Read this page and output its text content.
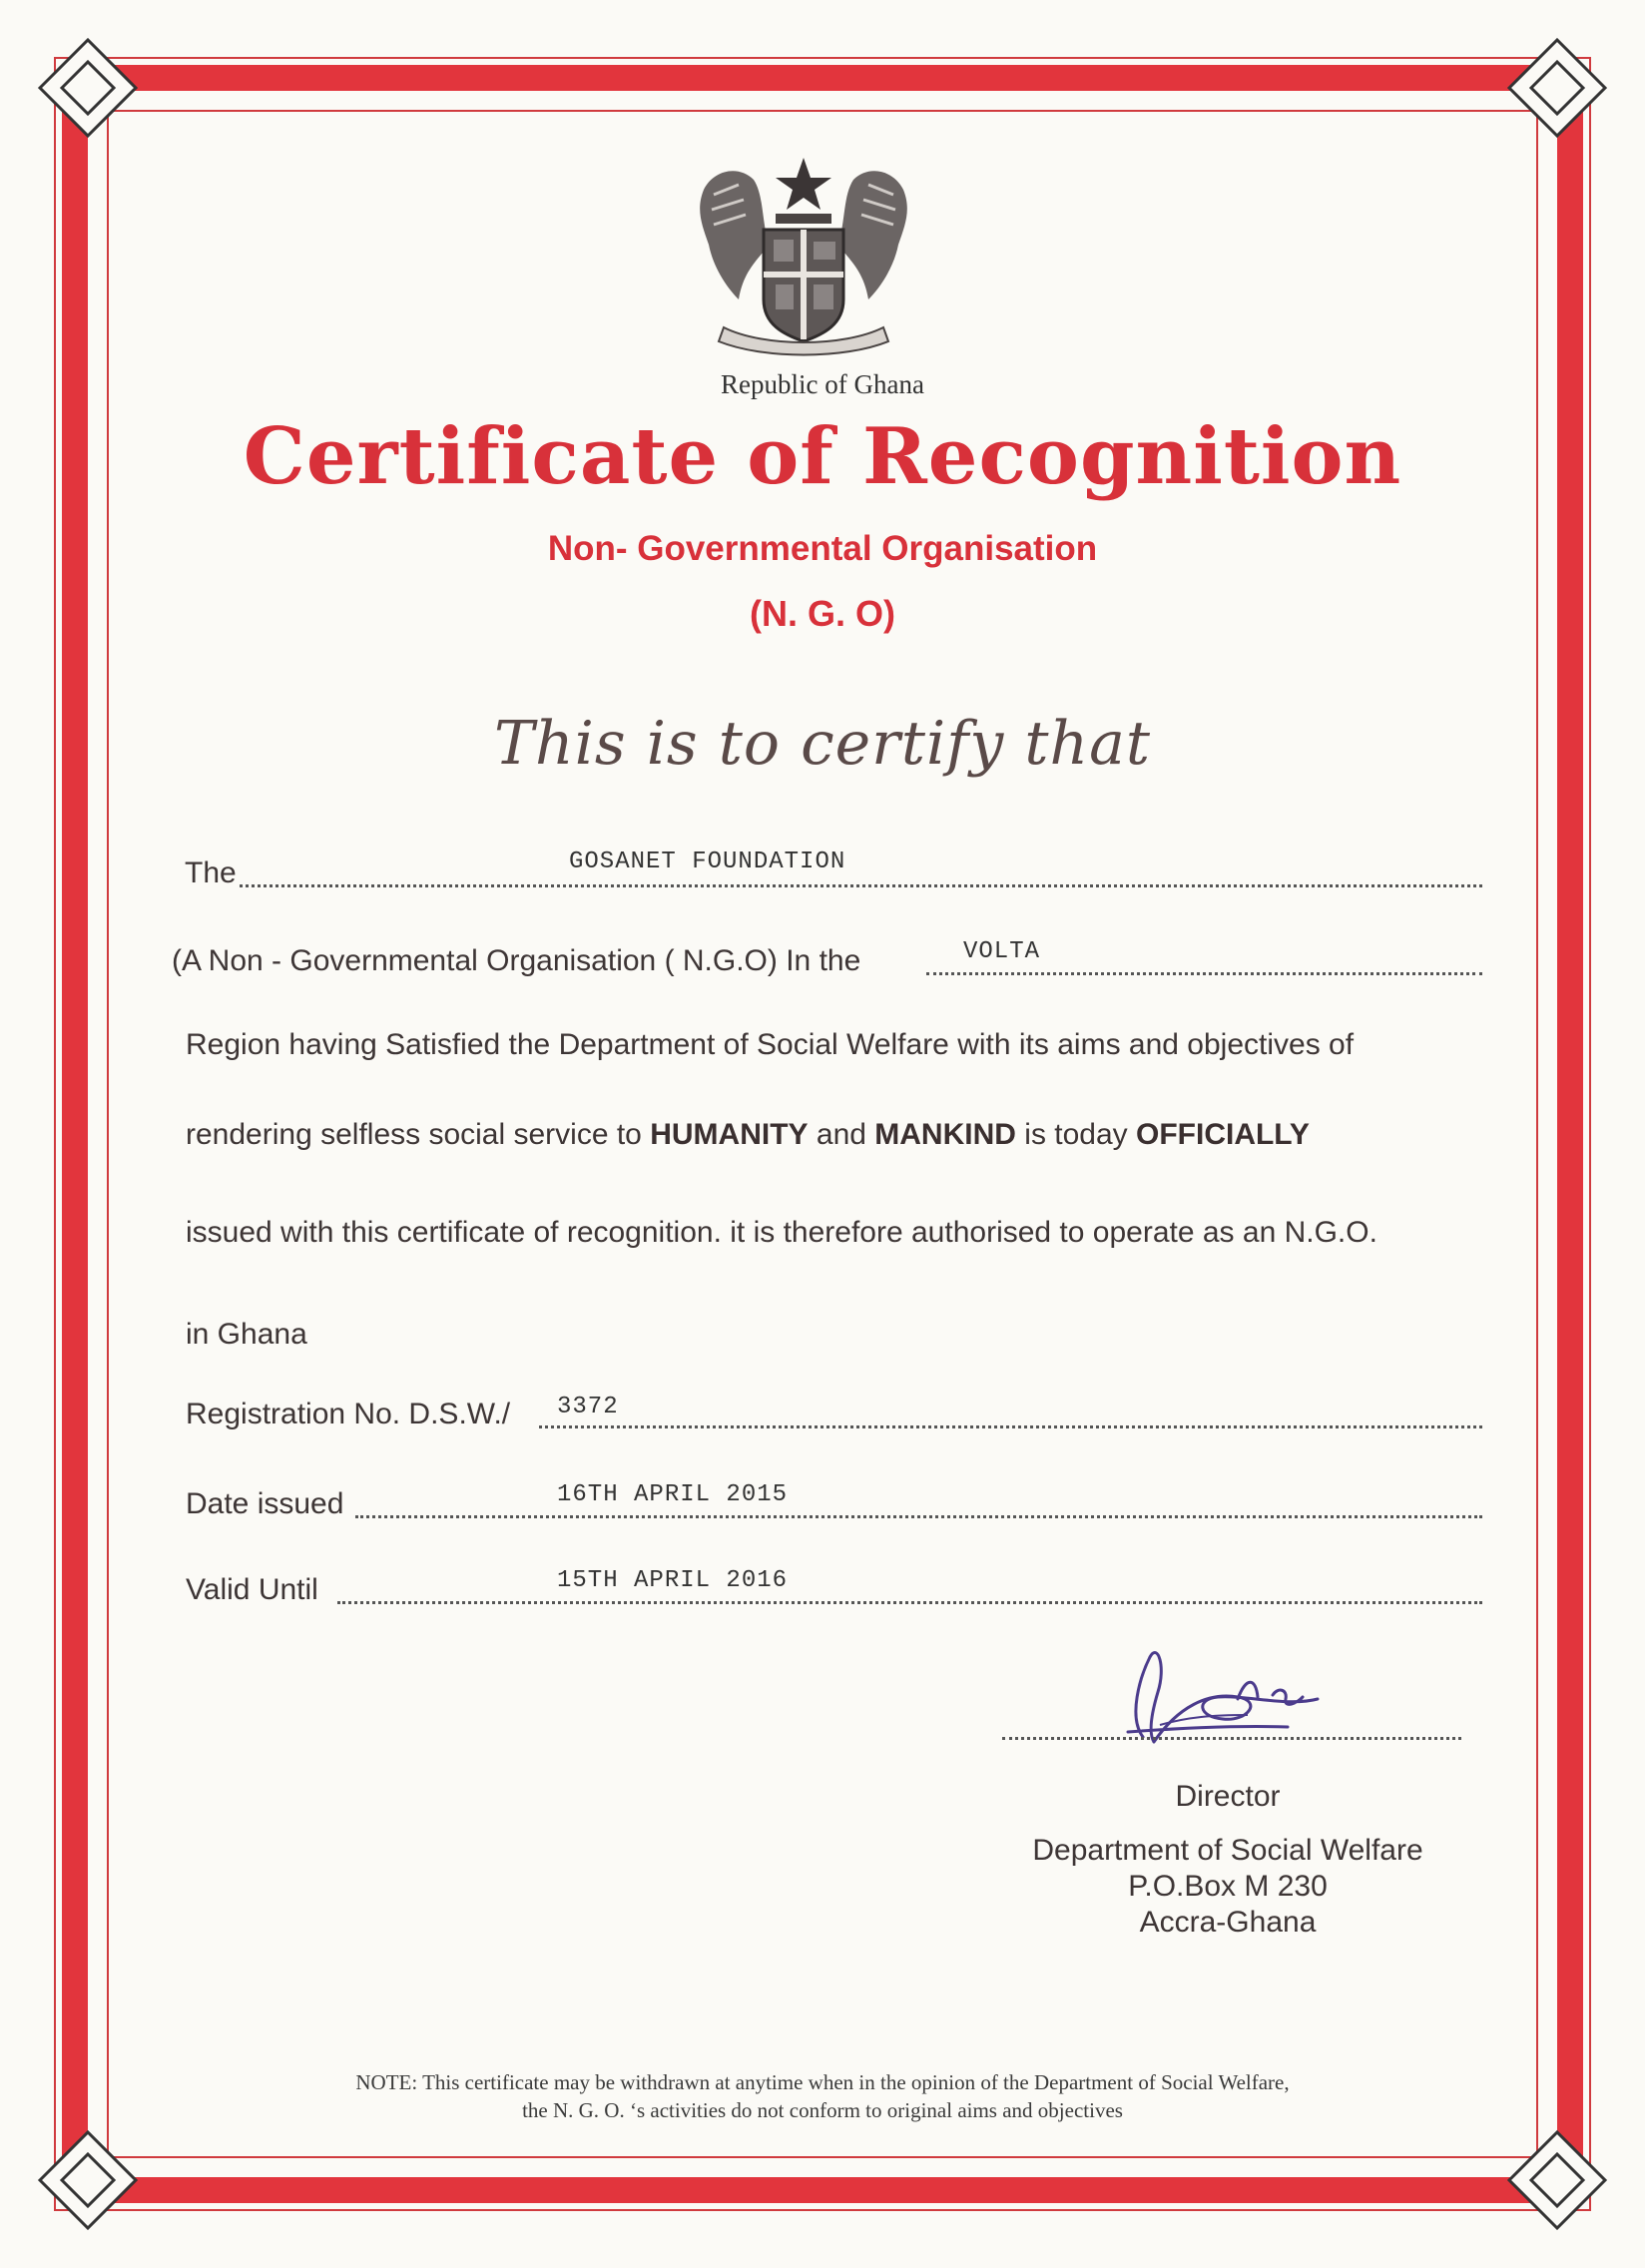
Republic of Ghana
Certificate of Recognition
Non- Governmental Organisation
(N. G. O)
This is to certify that
The	GOSANET FOUNDATION
(A Non - Governmental Organisation ( N.G.O) In the	VOLTA
Region having Satisfied the Department of Social Welfare with its aims and objectives of
rendering selfless social service to HUMANITY and MANKIND is today OFFICIALLY
issued with this certificate of recognition. it is therefore authorised to operate as an N.G.O.
in Ghana
Registration No. D.S.W./ 3372
Date issued	16TH APRIL 2015
Valid Until	15TH APRIL 2016
Director
Department of Social Welfare
P.O.Box M 230
Accra-Ghana
NOTE: This certificate may be withdrawn at anytime when in the opinion of the Department of Social Welfare,
the N. G. O. ‘s activities do not conform to original aims and objectives
